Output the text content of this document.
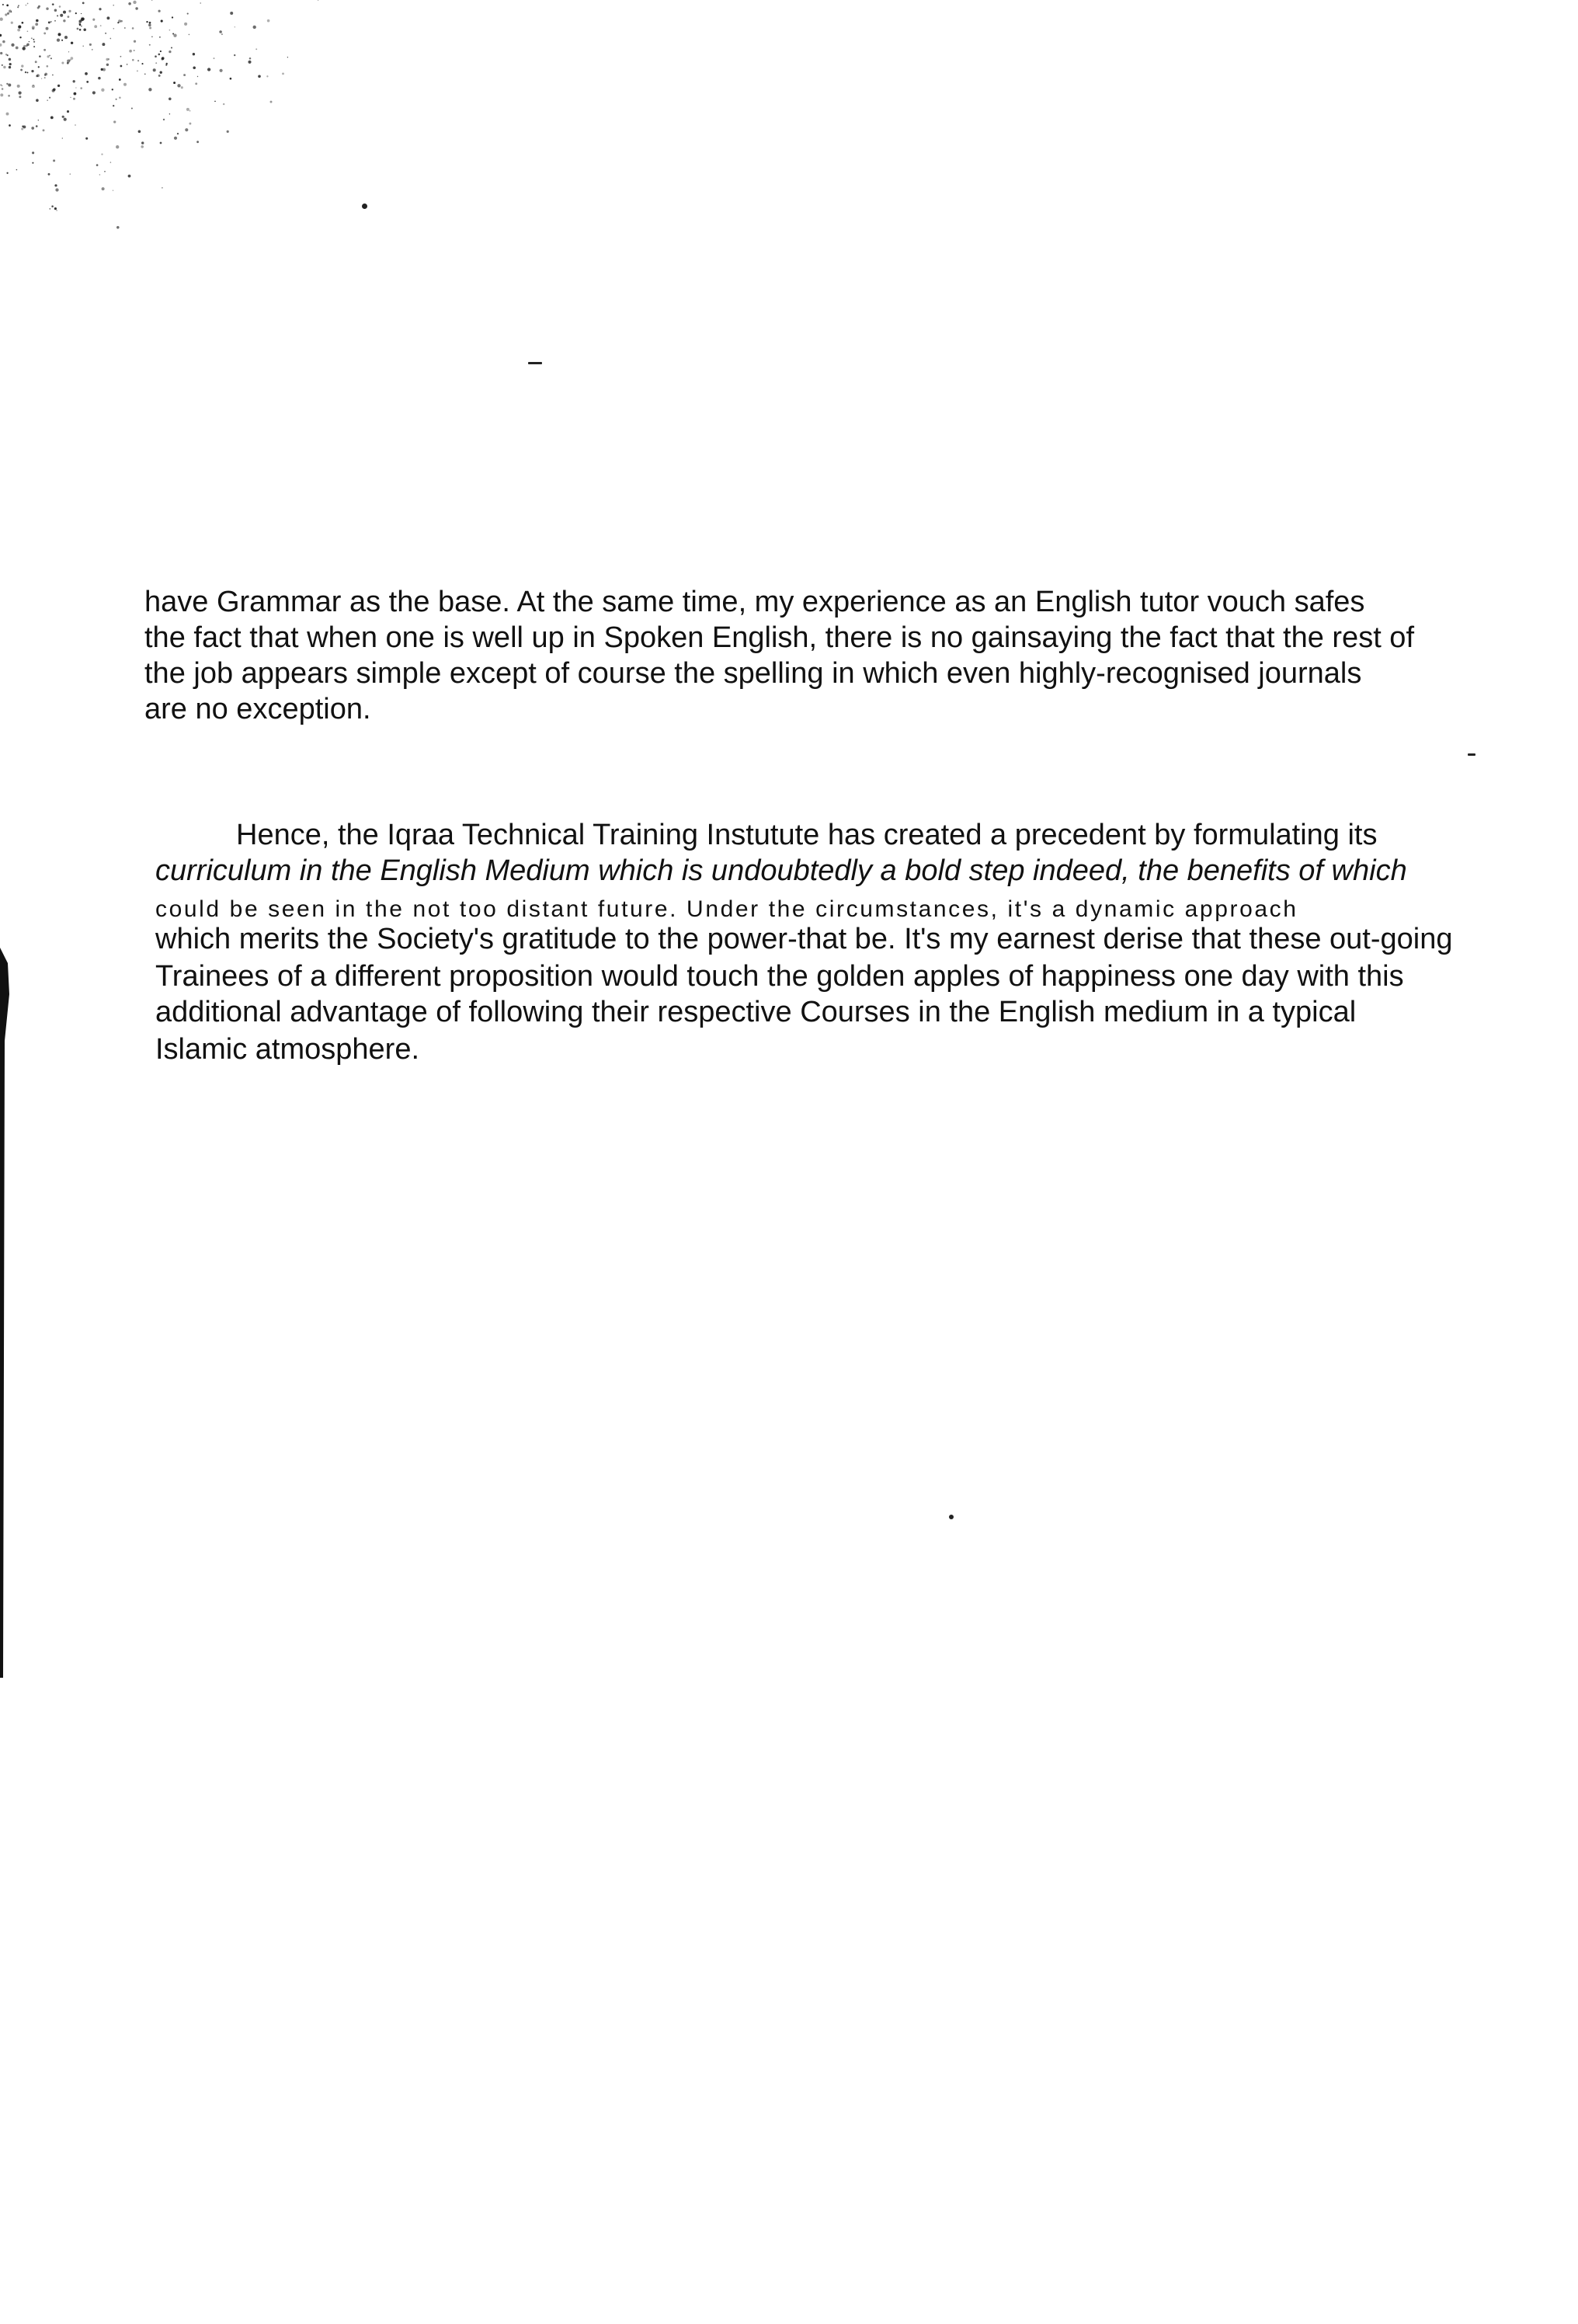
have Grammar as the base. At the same time, my experience as an English tutor vouch safes
the fact that when one is well up in Spoken English, there is no gainsaying the fact that the rest of
the job appears simple except of course the spelling in which even highly-recognised journals
are no exception.
Hence, the Iqraa Technical Training Instutute has created a precedent by formulating its
curriculum in the English Medium which is undoubtedly a bold step indeed, the benefits of which
could be seen in the not too distant future. Under the circumstances, it's a dynamic approach
which merits the Society's gratitude to the power-that be. It's my earnest derise that these out-going
Trainees of a different proposition would touch the golden apples of happiness one day with this
additional advantage of following their respective Courses in the English medium in a typical
Islamic atmosphere.
